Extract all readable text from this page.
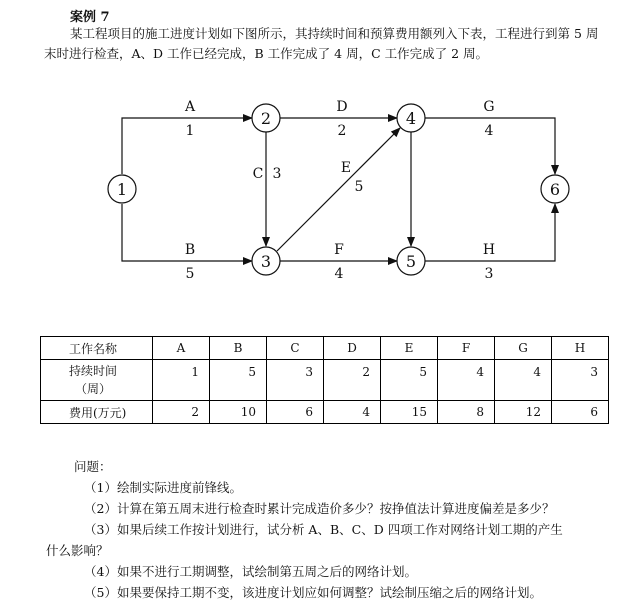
案例 7
某工程项目的施工进度计划如下图所示，其持续时间和预算费用额列入下表，工程进行到第 5 周末时进行检查，A、D 工作已经完成，B 工作完成了 4 周，C 工作完成了 2 周。
1
2
3
4
5
6
A
1
B
5
C 3
D
2
E
5
F
4
G
4
H
3
工作名称	A	B	C	D	E	F	G	H

持续时间
（周）	1	5	3	2	5	4	4	3
费用(万元)	2	10	6	4	15	8	12	6
问题：
（1）绘制实际进度前锋线。
（2）计算在第五周末进行检查时累计完成造价多少？按挣值法计算进度偏差是多少？
（3）如果后续工作按计划进行，试分析 A、B、C、D 四项工作对网络计划工期的产生
什么影响？
（4）如果不进行工期调整，试绘制第五周之后的网络计划。
（5）如果要保持工期不变，该进度计划应如何调整？试绘制压缩之后的网络计划。
